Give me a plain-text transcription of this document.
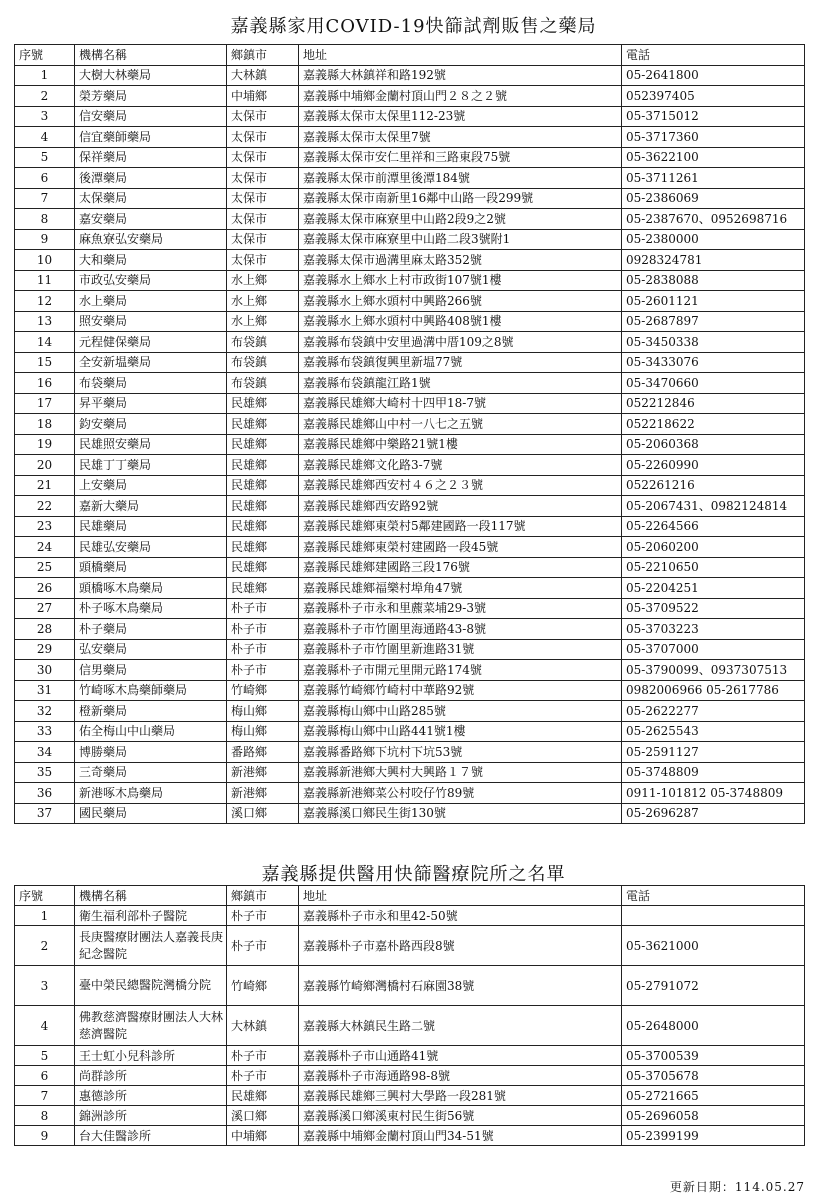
嘉義縣家用COVID-19快篩試劑販售之藥局
序號	機構名稱	鄉鎮市	地址	電話
1	大樹大林藥局	大林鎮	嘉義縣大林鎮祥和路192號	05-2641800
2	榮芳藥局	中埔鄉	嘉義縣中埔鄉金蘭村頂山門２８之２號	052397405
3	信安藥局	太保市	嘉義縣太保市太保里112-23號	05-3715012
4	信宜藥師藥局	太保市	嘉義縣太保市太保里7號	05-3717360
5	保祥藥局	太保市	嘉義縣太保市安仁里祥和三路東段75號	05-3622100
6	後潭藥局	太保市	嘉義縣太保市前潭里後潭184號	05-3711261
7	太保藥局	太保市	嘉義縣太保市南新里16鄰中山路一段299號	05-2386069
8	嘉安藥局	太保市	嘉義縣太保市麻寮里中山路2段9之2號	05-2387670、0952698716
9	麻魚寮弘安藥局	太保市	嘉義縣太保市麻寮里中山路二段3號附1	05-2380000
10	大和藥局	太保市	嘉義縣太保市過溝里麻太路352號	0928324781
11	市政弘安藥局	水上鄉	嘉義縣水上鄉水上村市政街107號1樓	05-2838088
12	水上藥局	水上鄉	嘉義縣水上鄉水頭村中興路266號	05-2601121
13	照安藥局	水上鄉	嘉義縣水上鄉水頭村中興路408號1樓	05-2687897
14	元程健保藥局	布袋鎮	嘉義縣布袋鎮中安里過溝中厝109之8號	05-3450338
15	全安新塭藥局	布袋鎮	嘉義縣布袋鎮復興里新塭77號	05-3433076
16	布袋藥局	布袋鎮	嘉義縣布袋鎮龍江路1號	05-3470660
17	昇平藥局	民雄鄉	嘉義縣民雄鄉大崎村十四甲18-7號	052212846
18	鈞安藥局	民雄鄉	嘉義縣民雄鄉山中村一八七之五號	052218622
19	民雄照安藥局	民雄鄉	嘉義縣民雄鄉中樂路21號1樓	05-2060368
20	民雄丁丁藥局	民雄鄉	嘉義縣民雄鄉文化路3-7號	05-2260990
21	上安藥局	民雄鄉	嘉義縣民雄鄉西安村４６之２３號	052261216
22	嘉新大藥局	民雄鄉	嘉義縣民雄鄉西安路92號	05-2067431、0982124814
23	民雄藥局	民雄鄉	嘉義縣民雄鄉東榮村5鄰建國路一段117號	05-2264566
24	民雄弘安藥局	民雄鄉	嘉義縣民雄鄉東榮村建國路一段45號	05-2060200
25	頭橋藥局	民雄鄉	嘉義縣民雄鄉建國路三段176號	05-2210650
26	頭橋啄木鳥藥局	民雄鄉	嘉義縣民雄鄉福樂村埠角47號	05-2204251
27	朴子啄木鳥藥局	朴子市	嘉義縣朴子市永和里藨菜埔29-3號	05-3709522
28	朴子藥局	朴子市	嘉義縣朴子市竹圍里海通路43-8號	05-3703223
29	弘安藥局	朴子市	嘉義縣朴子市竹圍里新進路31號	05-3707000
30	信男藥局	朴子市	嘉義縣朴子市開元里開元路174號	05-3790099、0937307513
31	竹崎啄木鳥藥師藥局	竹崎鄉	嘉義縣竹崎鄉竹崎村中華路92號	0982006966 05-2617786
32	橙新藥局	梅山鄉	嘉義縣梅山鄉中山路285號	05-2622277
33	佑全梅山中山藥局	梅山鄉	嘉義縣梅山鄉中山路441號1樓	05-2625543
34	博勝藥局	番路鄉	嘉義縣番路鄉下坑村下坑53號	05-2591127
35	三奇藥局	新港鄉	嘉義縣新港鄉大興村大興路１７號	05-3748809
36	新港啄木鳥藥局	新港鄉	嘉義縣新港鄉菜公村咬仔竹89號	0911-101812 05-3748809
37	國民藥局	溪口鄉	嘉義縣溪口鄉民生街130號	05-2696287
嘉義縣提供醫用快篩醫療院所之名單
序號	機構名稱	鄉鎮市	地址	電話
1	衛生福利部朴子醫院	朴子市	嘉義縣朴子市永和里42-50號	
2	長庚醫療財團法人嘉義長庚紀念醫院	朴子市	嘉義縣朴子市嘉朴路西段8號	05-3621000
3	臺中榮民總醫院灣橋分院	竹崎鄉	嘉義縣竹崎鄉灣橋村石麻園38號	05-2791072
4	佛教慈濟醫療財團法人大林慈濟醫院	大林鎮	嘉義縣大林鎮民生路二號	05-2648000
5	王士虹小兒科診所	朴子市	嘉義縣朴子市山通路41號	05-3700539
6	尚群診所	朴子市	嘉義縣朴子市海通路98-8號	05-3705678
7	惠德診所	民雄鄉	嘉義縣民雄鄉三興村大學路一段281號	05-2721665
8	錦洲診所	溪口鄉	嘉義縣溪口鄉溪東村民生街56號	05-2696058
9	台大佳醫診所	中埔鄉	嘉義縣中埔鄉金蘭村頂山門34-51號	05-2399199
更新日期：114.05.27
